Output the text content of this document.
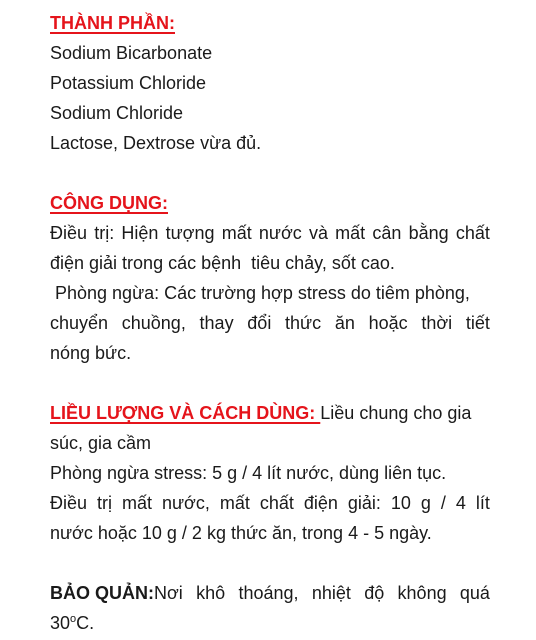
THÀNH PHẦN:
Sodium Bicarbonate
Potassium Chloride
Sodium Chloride
Lactose, Dextrose vừa đủ.
CÔNG DỤNG:
Điều trị: Hiện tượng mất nước và mất cân bằng chất
điện giải trong các bệnh  tiêu chảy, sốt cao.
Phòng ngừa: Các trường hợp stress do tiêm phòng,
chuyển chuồng, thay đổi thức ăn hoặc thời tiết
nóng bức.
LIỀU LƯỢNG VÀ CÁCH DÙNG: Liều chung cho gia
súc, gia cầm
Phòng ngừa stress: 5 g / 4 lít nước, dùng liên tục.
Điều trị mất nước, mất chất điện giải: 10 g / 4 lít
nước hoặc 10 g / 2 kg thức ăn, trong 4 - 5 ngày.
BẢO QUẢN:Nơi khô thoáng, nhiệt độ không quá
30$^o$C.
